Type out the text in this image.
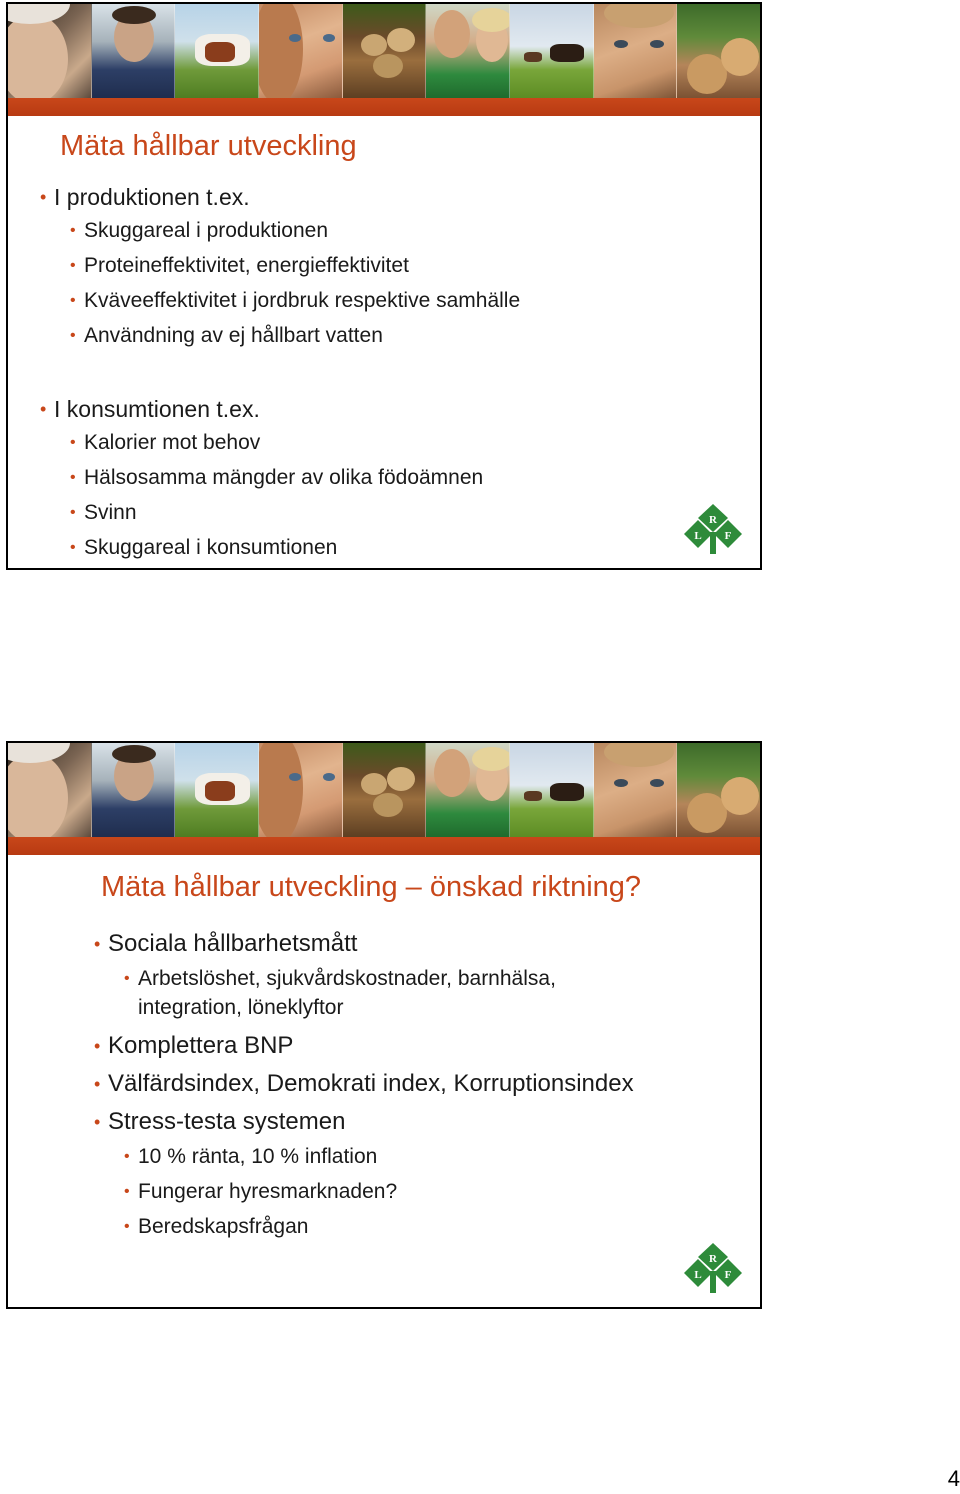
Mäta hållbar utveckling
• I produktionen t.ex.
• Skuggareal i produktionen
• Proteineffektivitet, energieffektivitet
• Kväveeffektivitet i jordbruk respektive samhälle
• Användning av ej hållbart vatten
• I konsumtionen t.ex.
• Kalorier mot behov
• Hälsosamma mängder av olika födoämnen
• Svinn
• Skuggareal i konsumtionen
R
L F
Mäta hållbar utveckling – önskad riktning?
• Sociala hållbarhetsmått
• Arbetslöshet, sjukvårdskostnader, barnhälsa,
integration, löneklyftor
• Komplettera BNP
• Välfärdsindex, Demokrati index, Korruptionsindex
• Stress-testa systemen
• 10 % ränta, 10 % inflation
• Fungerar hyresmarknaden?
• Beredskapsfrågan
R
L F
4
